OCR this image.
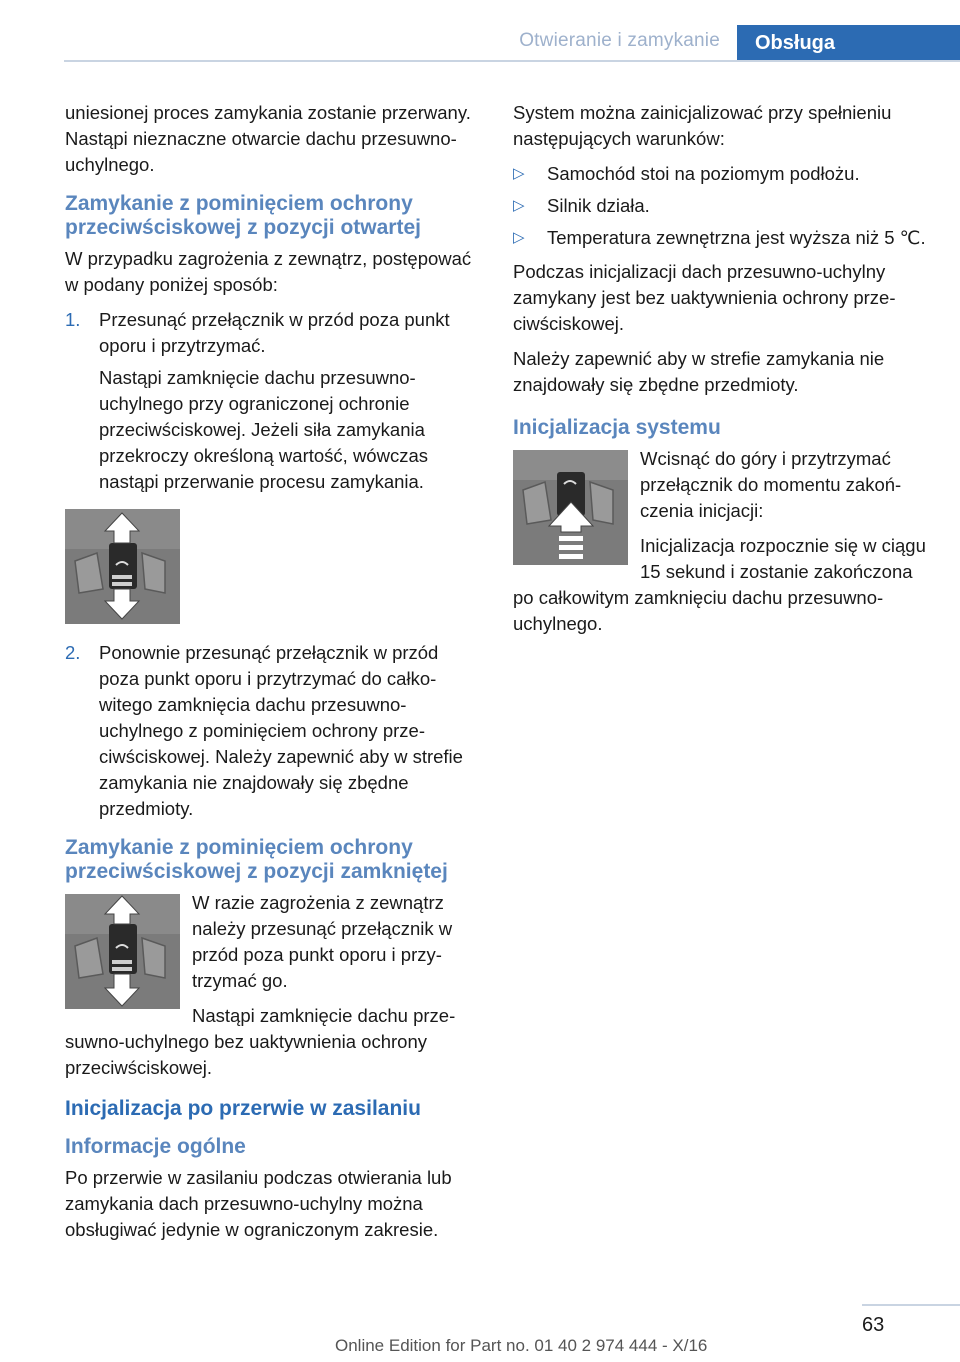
Otwieranie i zamykanie	Obsługa

uniesionej proces zamykania zostanie przerwany. Nastąpi nieznaczne otwarcie dachu przesuwno-uchylnego.

Zamykanie z pominięciem ochrony przeciwściskowej z pozycji otwartej

W przypadku zagrożenia z zewnątrz, postępować w podany poniżej sposób:

1. Przesunąć przełącznik w przód poza punkt oporu i przytrzymać.
Nastąpi zamknięcie dachu przesuwno-uchylnego przy ograniczonej ochronie przeciwściskowej. Jeżeli siła zamykania przekroczy określoną wartość, wówczas nastąpi przerwanie procesu zamykania.
2. Ponownie przesunąć przełącznik w przód poza punkt oporu i przytrzymać do całkowitego zamknięcia dachu przesuwno-uchylnego z pominięciem ochrony przeciwściskowej. Należy zapewnić aby w strefie zamykania nie znajdowały się zbędne przedmioty.
Zamykanie z pominięciem ochrony przeciwściskowej z pozycji zamkniętej

W razie zagrożenia z zewnątrz należy przesunąć przełącznik w przód poza punkt oporu i przytrzymać go.

Nastąpi zamknięcie dachu przesuwno-uchylnego bez uaktywnienia ochrony przeciwściskowej.

Inicjalizacja po przerwie w zasilaniu
Informacje ogólne

Po przerwie w zasilaniu podczas otwierania lub zamykania dach przesuwno-uchylny można obsługiwać jedynie w ograniczonym zakresie.

System można zainicjalizować przy spełnieniu następujących warunków:

▷ Samochód stoi na poziomym podłożu.
▷ Silnik działa.
▷ Temperatura zewnętrzna jest wyższa niż 5 ℃.

Podczas inicjalizacji dach przesuwno-uchylny zamykany jest bez uaktywnienia ochrony przeciwściskowej.

Należy zapewnić aby w strefie zamykania nie znajdowały się zbędne przedmioty.

Inicjalizacja systemu

Wcisnąć do góry i przytrzymać przełącznik do momentu zakończenia inicjacji:

Inicjalizacja rozpocznie się w ciągu 15 sekund i zostanie zakończona po całkowitym zamknięciu dachu przesuwno-uchylnego.

63
Online Edition for Part no. 01 40 2 974 444 - X/16
